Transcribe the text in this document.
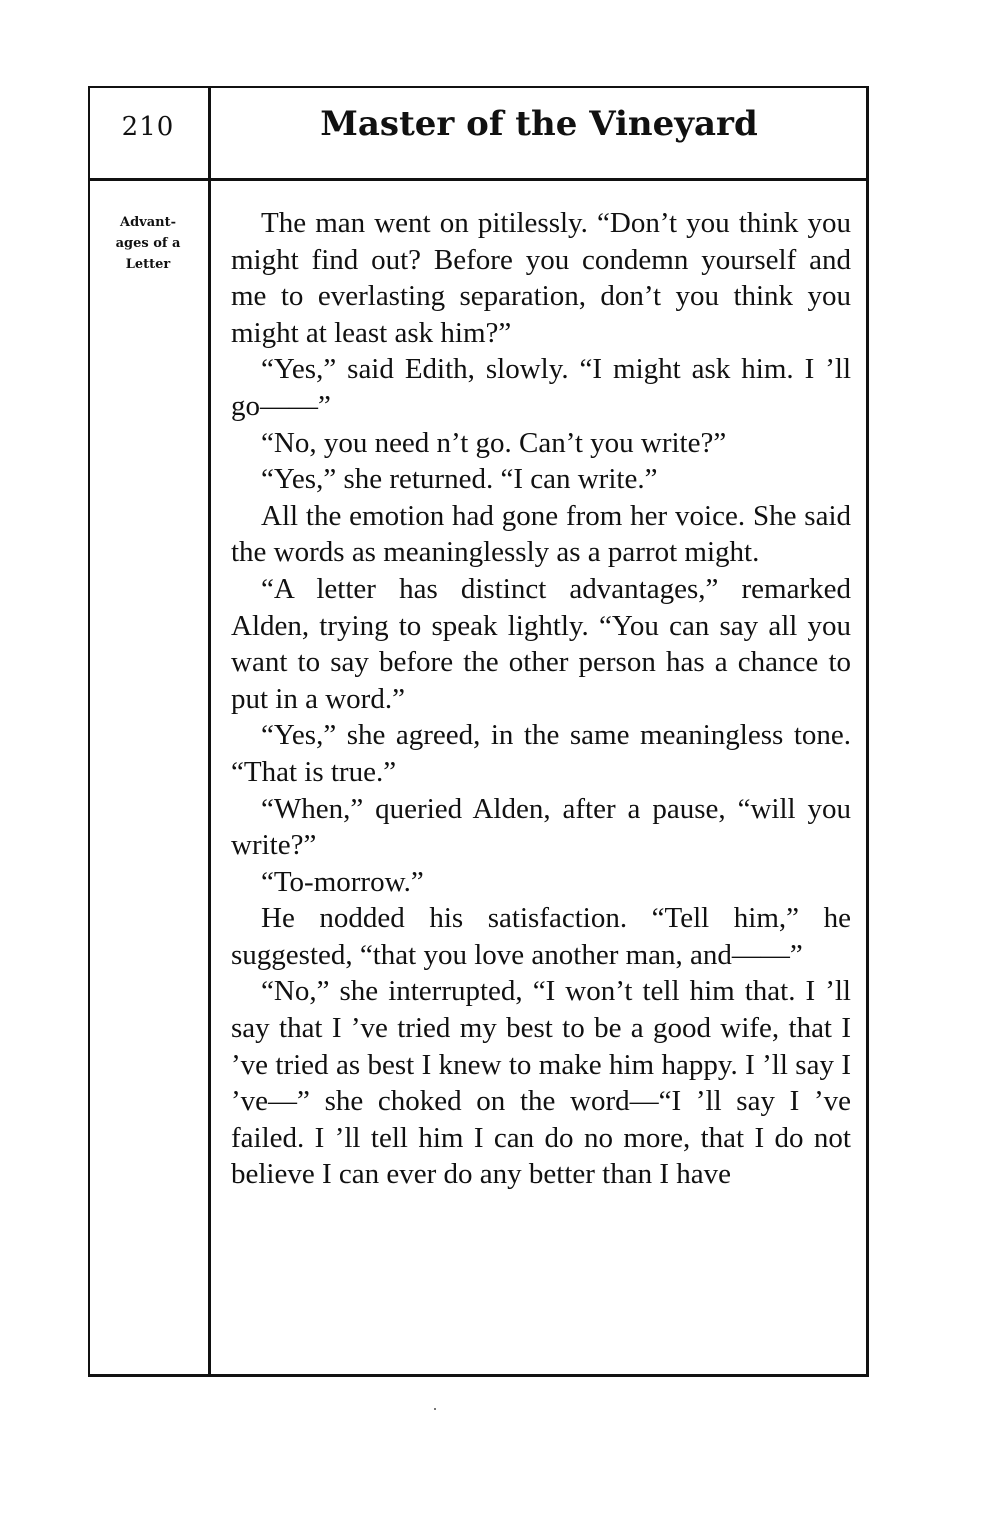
210	Master of the Vineyard
Advant-
ages of a
Letter

The man went on pitilessly. “Don’t you think you might find out? Before you condemn yourself and me to everlasting separation, don’t you think you might at least ask him?”

“Yes,” said Edith, slowly. “I might ask him. I ’ll go——”

“No, you need n’t go. Can’t you write?”

“Yes,” she returned. “I can write.”

All the emotion had gone from her voice. She said the words as meaninglessly as a parrot might.

“A letter has distinct advantages,” remarked Alden, trying to speak lightly. “You can say all you want to say before the other person has a chance to put in a word.”

“Yes,” she agreed, in the same meaningless tone. “That is true.”

“When,” queried Alden, after a pause, “will you write?”

“To-morrow.”

He nodded his satisfaction. “Tell him,” he suggested, “that you love another man, and——”

“No,” she interrupted, “I won’t tell him that. I ’ll say that I ’ve tried my best to be a good wife, that I ’ve tried as best I knew to make him happy. I ’ll say I ’ve—” she choked on the word—“I ’ll say I ’ve failed. I ’ll tell him I can do no more, that I do not believe I can ever do any better than I have
